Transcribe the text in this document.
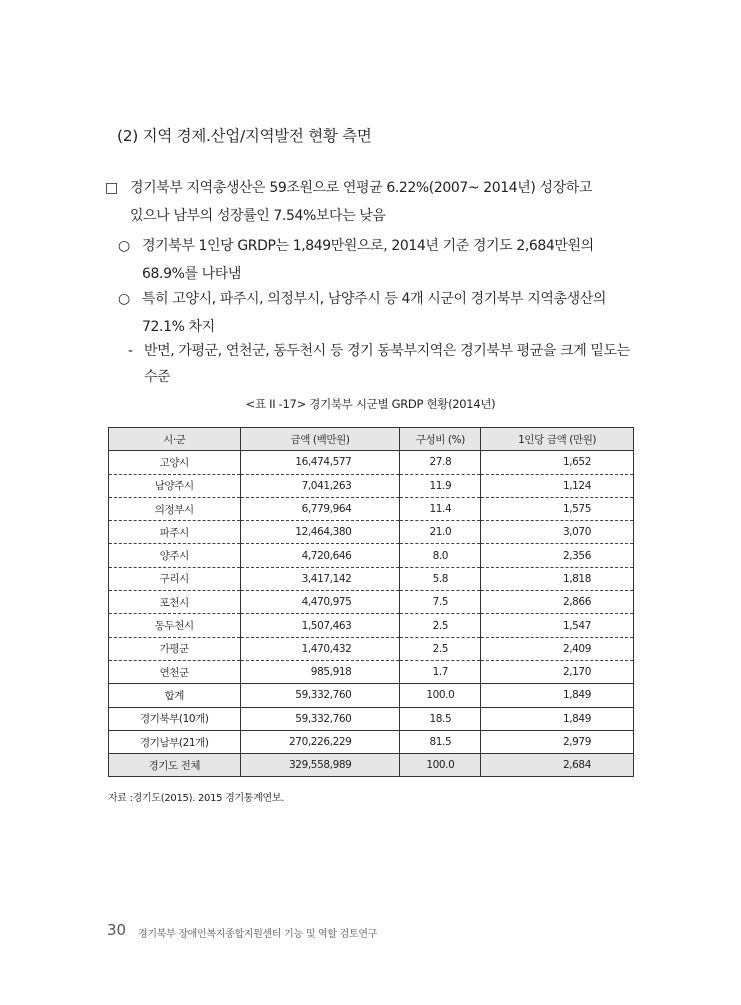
(2) 지역 경제.산업/지역발전 현황 측면
□ 경기북부 지역총생산은 59조원으로 연평균 6.22%(2007~ 2014년) 성장하고
있으나 남부의 성장률인 7.54%보다는 낮음
○ 경기북부 1인당 GRDP는 1,849만원으로, 2014년 기준 경기도 2,684만원의
68.9%를 나타냄
○ 특히 고양시, 파주시, 의정부시, 남양주시 등 4개 시군이 경기북부 지역총생산의
72.1% 차지
- 반면, 가평군, 연천군, 동두천시 등 경기 동북부지역은 경기북부 평균을 크게 밑도는
수준
<표 II -17> 경기북부 시군별 GRDP 현황(2014년)
시·군	금액 (백만원)	구성비 (%)	1인당 금액 (만원)
고양시	16,474,577	27.8	1,652
남양주시	7,041,263	11.9	1,124
의정부시	6,779,964	11.4	1,575
파주시	12,464,380	21.0	3,070
양주시	4,720,646	8.0	2,356
구리시	3,417,142	5.8	1,818
포천시	4,470,975	7.5	2,866
동두천시	1,507,463	2.5	1,547
가평군	1,470,432	2.5	2,409
연천군	985,918	1.7	2,170
합계	59,332,760	100.0	1,849
경기북부(10개)	59,332,760	18.5	1,849
경기남부(21개)	270,226,229	81.5	2,979
경기도 전체	329,558,989	100.0	2,684
자료 :경기도(2015). 2015 경기통계연보.
30 경기북부 장애인복지종합지원센터 기능 및 역할 검토연구
